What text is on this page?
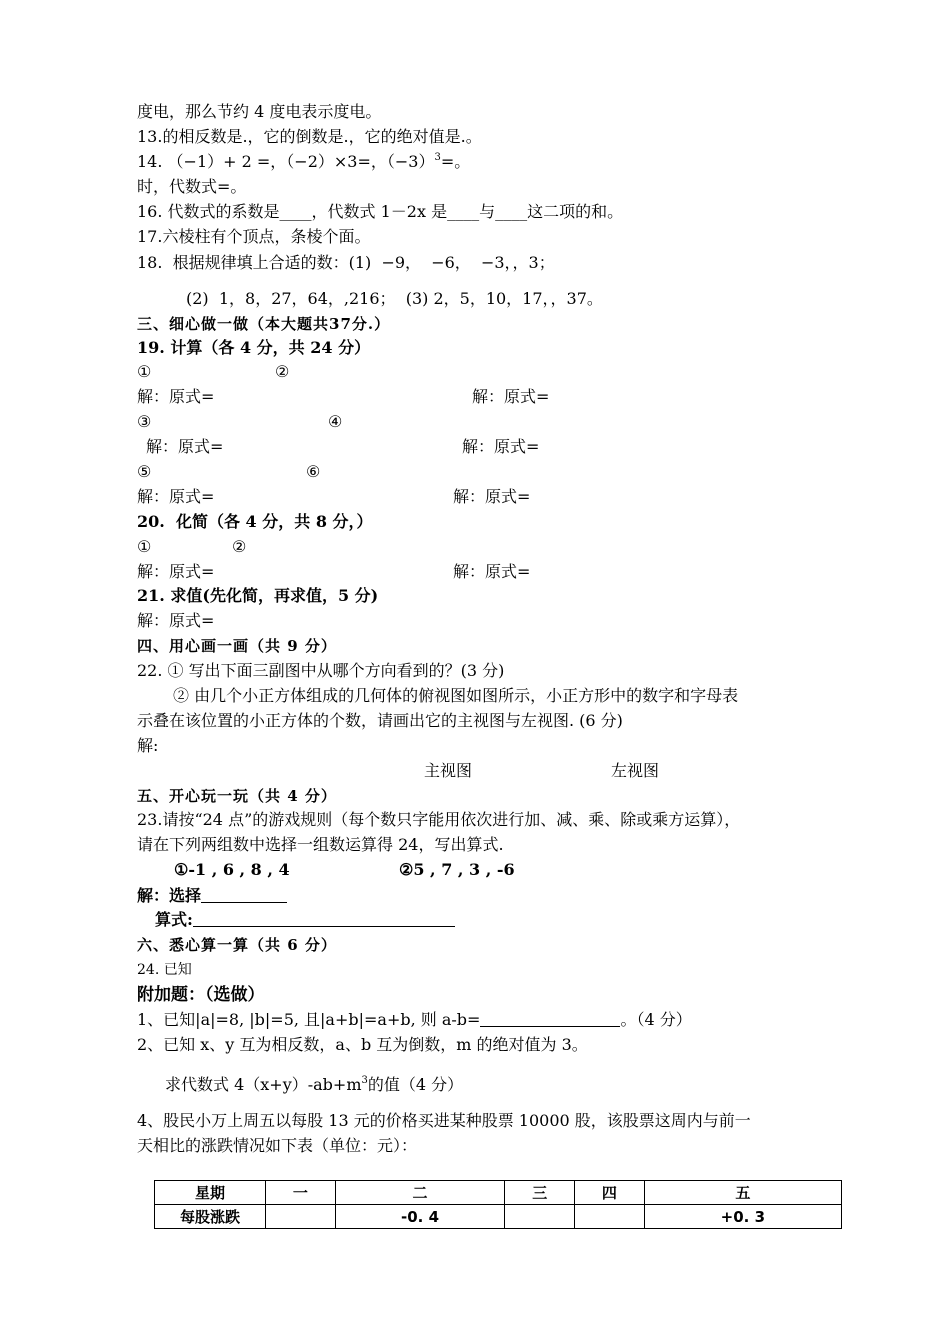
度电，那么节约 4 度电表示度电。
13.的相反数是.，它的倒数是.，它的绝对值是.。
14. （−1）+ 2 =，（−2）×3=，$(-3)^3=$。
时，代数式=。
16. 代数式的系数是____，代数式 1－2x 是____与____这二项的和。
17.六棱柱有个顶点，条棱个面。
18.  根据规律填上合适的数：(1)  −9，  −6，  −3，，3；
(2)  1，8，27，64，,216；  (3) 2，5，10，17，，37。
三、细心做一做（本大题共37分.）
19. 计算（各 4 分，共 24 分）
①	②
解：原式=	解：原式=
③	④
解：原式=	解：原式=
⑤	⑥
解：原式=	解：原式=
20.  化简（各 4 分，共 8 分，）
①	②
解：原式=	解：原式=
21. 求值(先化简，再求值，5 分)
解：原式=
四、用心画一画（共 9 分）
22. ① 写出下面三副图中从哪个方向看到的？(3 分)
② 由几个小正方体组成的几何体的俯视图如图所示，小正方形中的数字和字母表
示叠在该位置的小正方体的个数，请画出它的主视图与左视图. (6 分)
解:
主视图	左视图
五、开心玩一玩（共 4 分）
23.请按“24 点”的游戏规则（每个数只字能用依次进行加、减、乘、除或乘方运算），
请在下列两组数中选择一组数运算得 24，写出算式.
①-1 , 6 , 8 , 4	②5 , 7 , 3 , -6
解：选择
算式:
六、悉心算一算（共 6 分）
24. 已知
附加题：（选做）
1、已知|a|=8, |b|=5, 且|a+b|=a+b, 则 a-b=	。（4 分）
2、已知 x、y 互为相反数，a、b 互为倒数，m 的绝对值为 3。
求代数式 $4(x+y)-ab+m^3$的值（4 分）
4、股民小万上周五以每股 13 元的价格买进某种股票 10000 股，该股票这周内与前一
天相比的涨跌情况如下表（单位：元）：
星期	一	二	三	四	五
每股涨跌		-0. 4			+0. 3
